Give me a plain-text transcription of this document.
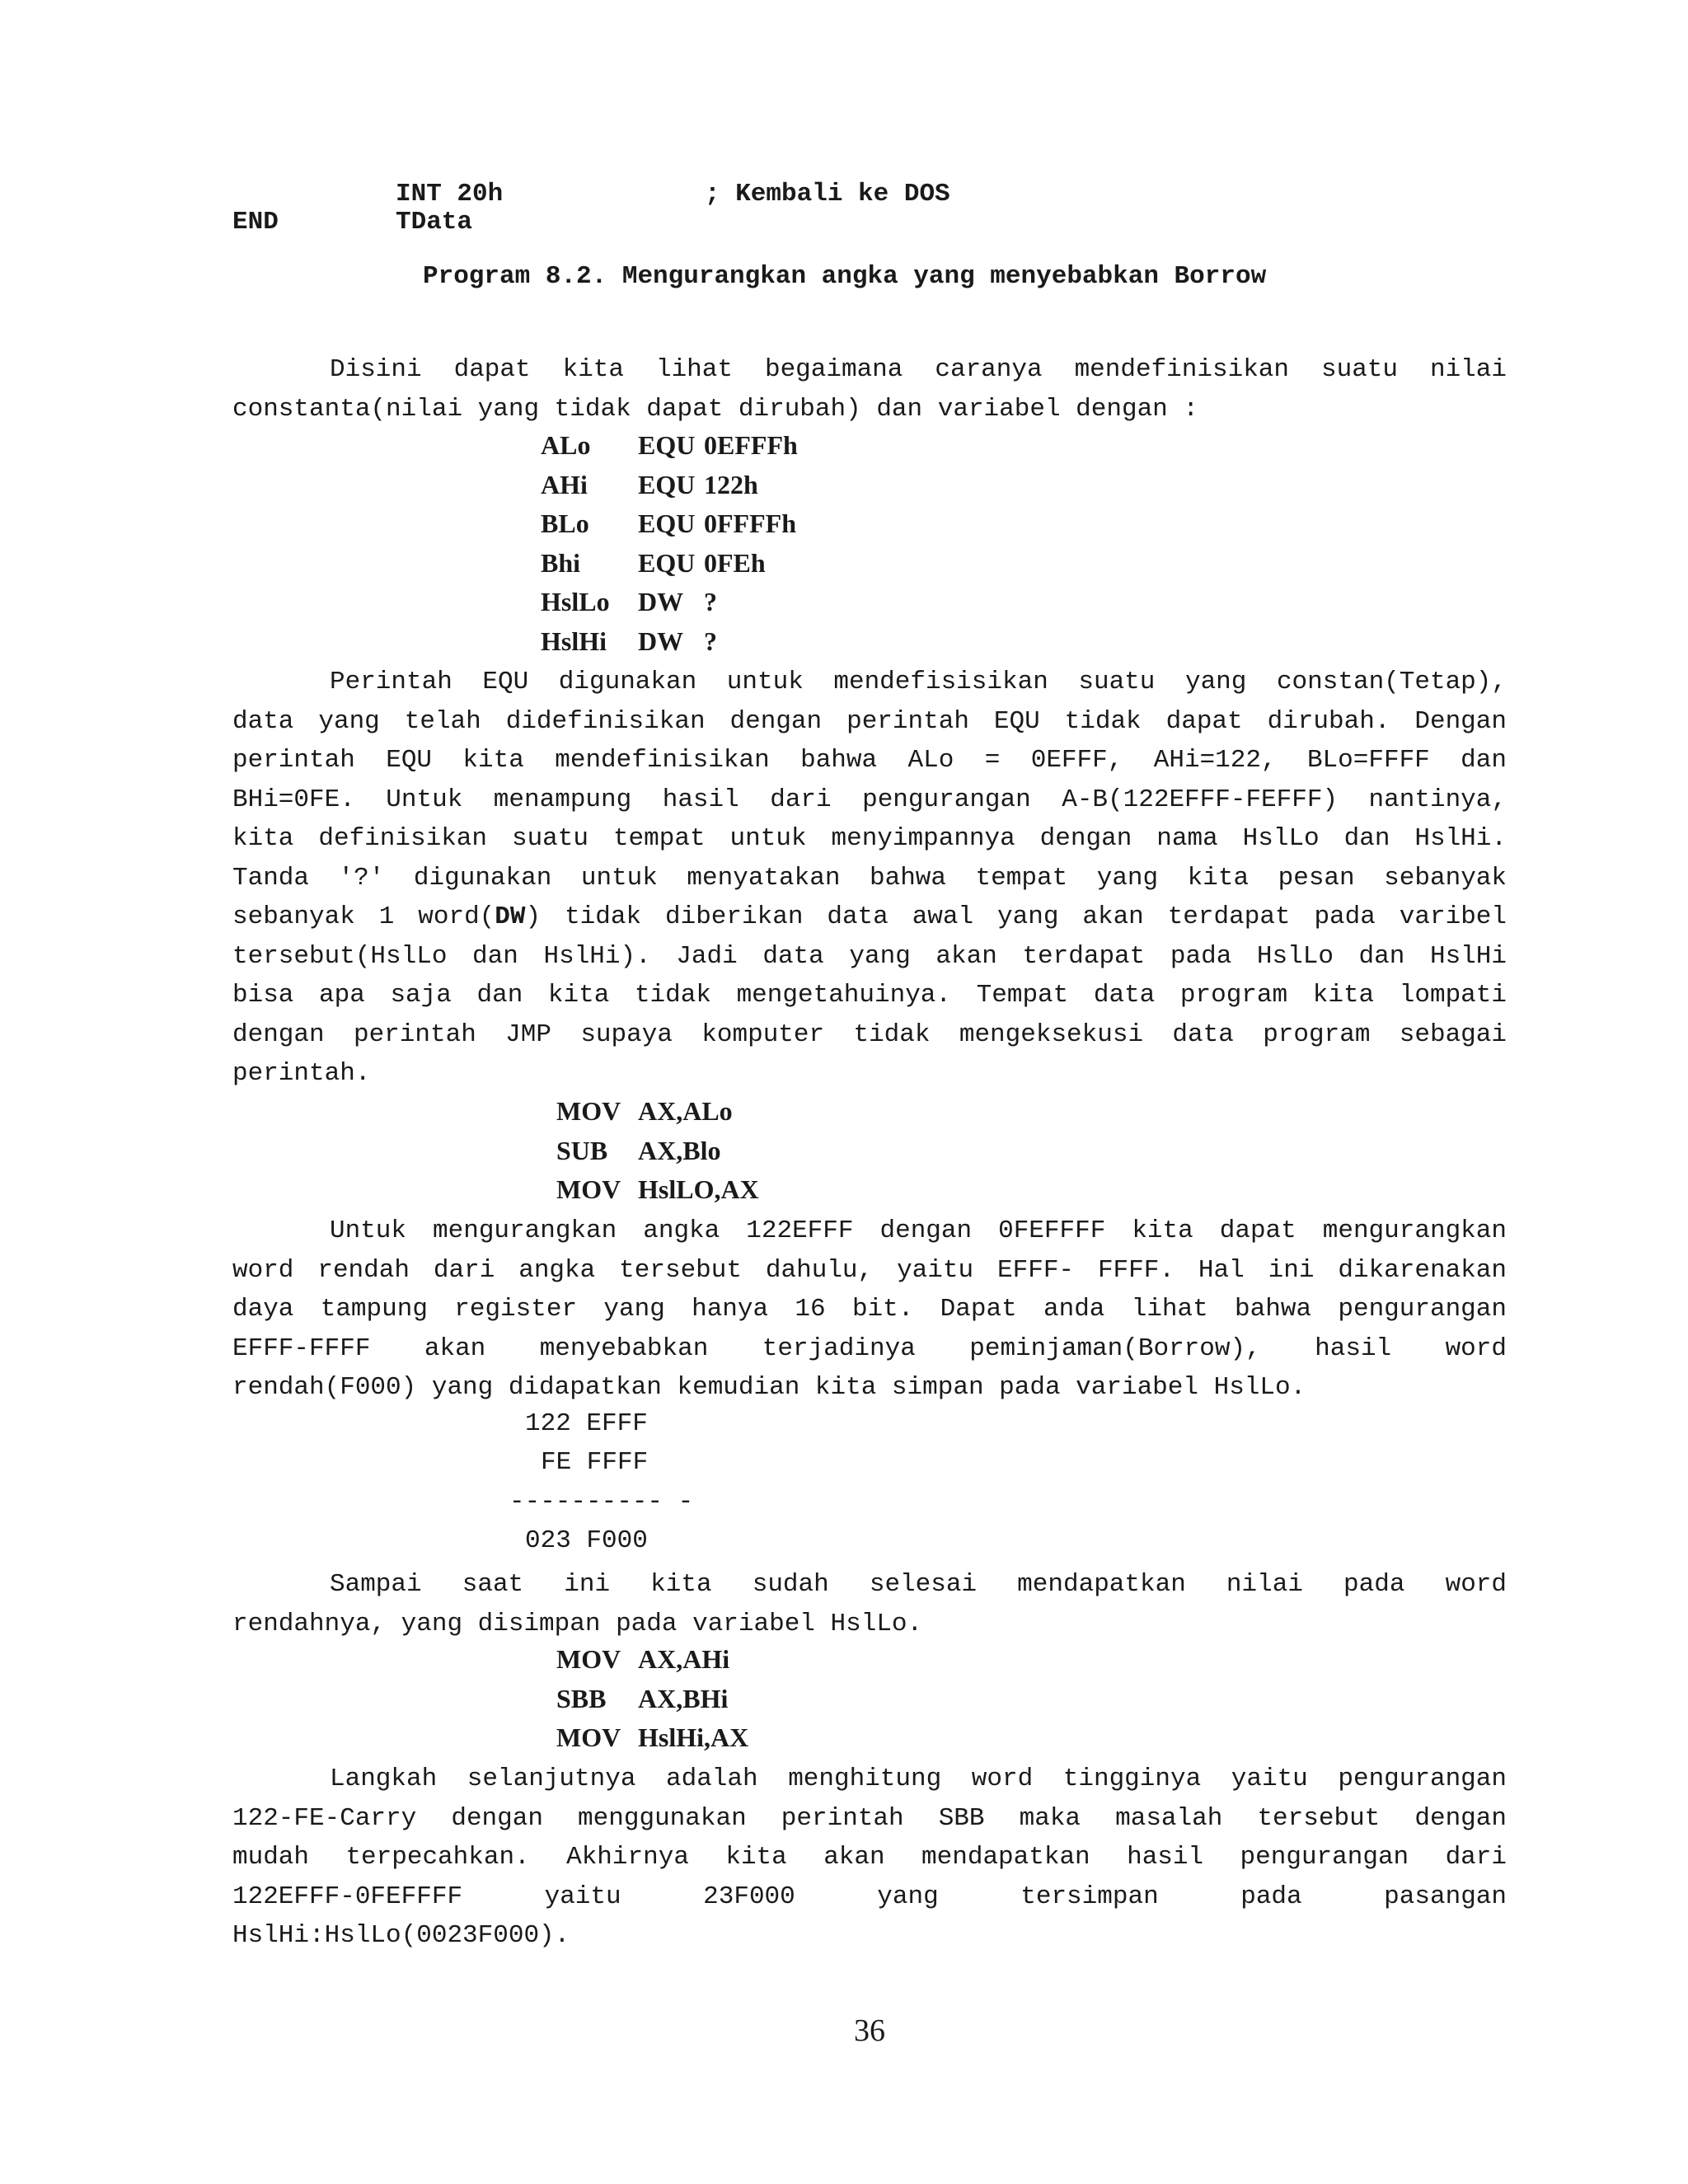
INT 20h	; Kembali ke DOS
END	TData
Program 8.2. Mengurangkan angka yang menyebabkan Borrow
Disini dapat kita lihat begaimana caranya mendefinisikan suatu nilai
constanta(nilai yang tidak dapat dirubah) dan variabel dengan :
ALo EQU 0EFFFh
AHi EQU 122h
BLo EQU 0FFFFh
Bhi EQU 0FEh
HslLo DW ?
HslHi DW ?
Perintah EQU digunakan untuk mendefisisikan suatu yang constan(Tetap),
data yang telah didefinisikan dengan perintah EQU tidak dapat dirubah. Dengan
perintah EQU kita mendefinisikan bahwa ALo = 0EFFF, AHi=122, BLo=FFFF dan
BHi=0FE. Untuk menampung hasil dari pengurangan A-B(122EFFF-FEFFF) nantinya,
kita definisikan suatu tempat untuk menyimpannya dengan nama HslLo dan HslHi.
Tanda '?' digunakan untuk menyatakan bahwa tempat yang kita pesan sebanyak
sebanyak 1 word(DW) tidak diberikan data awal yang akan terdapat pada varibel
tersebut(HslLo dan HslHi). Jadi data yang akan terdapat pada HslLo dan HslHi
bisa apa saja dan kita tidak mengetahuinya. Tempat data program kita lompati
dengan perintah JMP supaya komputer tidak mengeksekusi data program sebagai
perintah.
MOV AX,ALo
SUB AX,Blo
MOV HslLO,AX
Untuk mengurangkan angka 122EFFF dengan 0FEFFFF kita dapat mengurangkan
word rendah dari angka tersebut dahulu, yaitu EFFF- FFFF. Hal ini dikarenakan
daya tampung register yang hanya 16 bit. Dapat anda lihat bahwa pengurangan
EFFF-FFFF akan menyebabkan terjadinya peminjaman(Borrow), hasil word
rendah(F000) yang didapatkan kemudian kita simpan pada variabel HslLo.
122 EFFF
FE FFFF
---------- -
023 F000
Sampai saat ini kita sudah selesai mendapatkan nilai pada word
rendahnya, yang disimpan pada variabel HslLo.
MOV AX,AHi
SBB AX,BHi
MOV HslHi,AX
Langkah selanjutnya adalah menghitung word tingginya yaitu pengurangan
122-FE-Carry dengan menggunakan perintah SBB maka masalah tersebut dengan
mudah terpecahkan. Akhirnya kita akan mendapatkan hasil pengurangan dari
122EFFF-0FEFFFF yaitu 23F000 yang tersimpan pada pasangan
HslHi:HslLo(0023F000).
36
